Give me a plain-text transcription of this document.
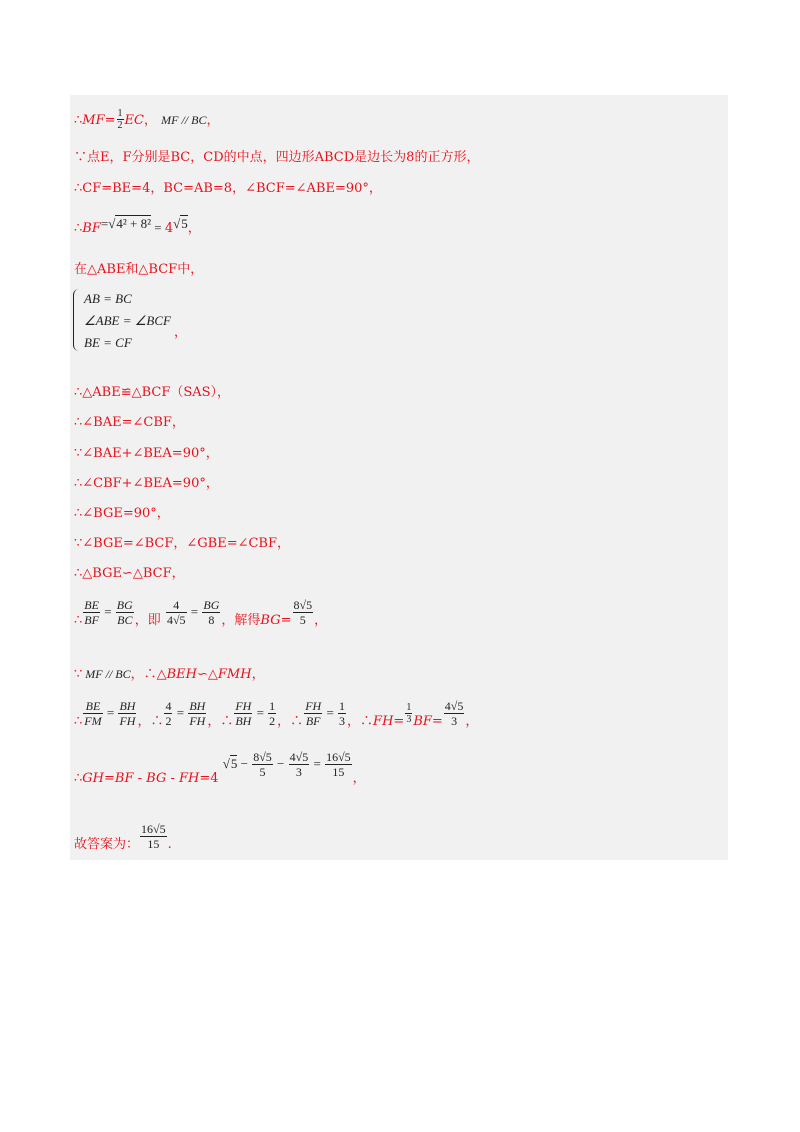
∴MF= $\frac{1}{2}$ EC， MF // BC，
∵点E，F分别是BC，CD的中点，四边形ABCD是边长为8的正方形，
∴CF=BE=4，BC=AB=8，∠BCF=∠ABE=90°，
∴BF=√4² + 8² = 4√5，
在△ABE和△BCF中，
AB = BC
∠ABE = ∠BCF
BE = CF
，
∴△ABE≌△BCF（SAS），
∴∠BAE=∠CBF，
∵∠BAE+∠BEA=90°，
∴∠CBF+∠BEA=90°，
∴∠BGE=90°，
∵∠BGE=∠BCF，∠GBE=∠CBF，
∴△BGE∽△BCF，
∴ $\frac{BE}{BF} = \frac{BG}{BC}$ ，即 $\frac{4}{4√5} = \frac{BG}{8}$ ，解得$BG= \frac{8√5}{5}$ ，
∵ MF // BC，∴△BEH∽△FMH，
∴ $\frac{BE}{FM} = \frac{BH}{FH}$ ，∴ $\frac{4}{2} = \frac{BH}{FH}$ ，∴ $\frac{FH}{BH} = \frac{1}{2}$ ，∴ $\frac{FH}{BF} = \frac{1}{3}$ ，∴FH= $\frac{1}{3} BF= \frac{4√5}{3}$ ，
∴GH=BF - BG - FH=4 $√5 - \frac{8√5}{5} - \frac{4√5}{3} = \frac{16√5}{15}$ ，
故答案为： $\frac{16√5}{15}$ .
